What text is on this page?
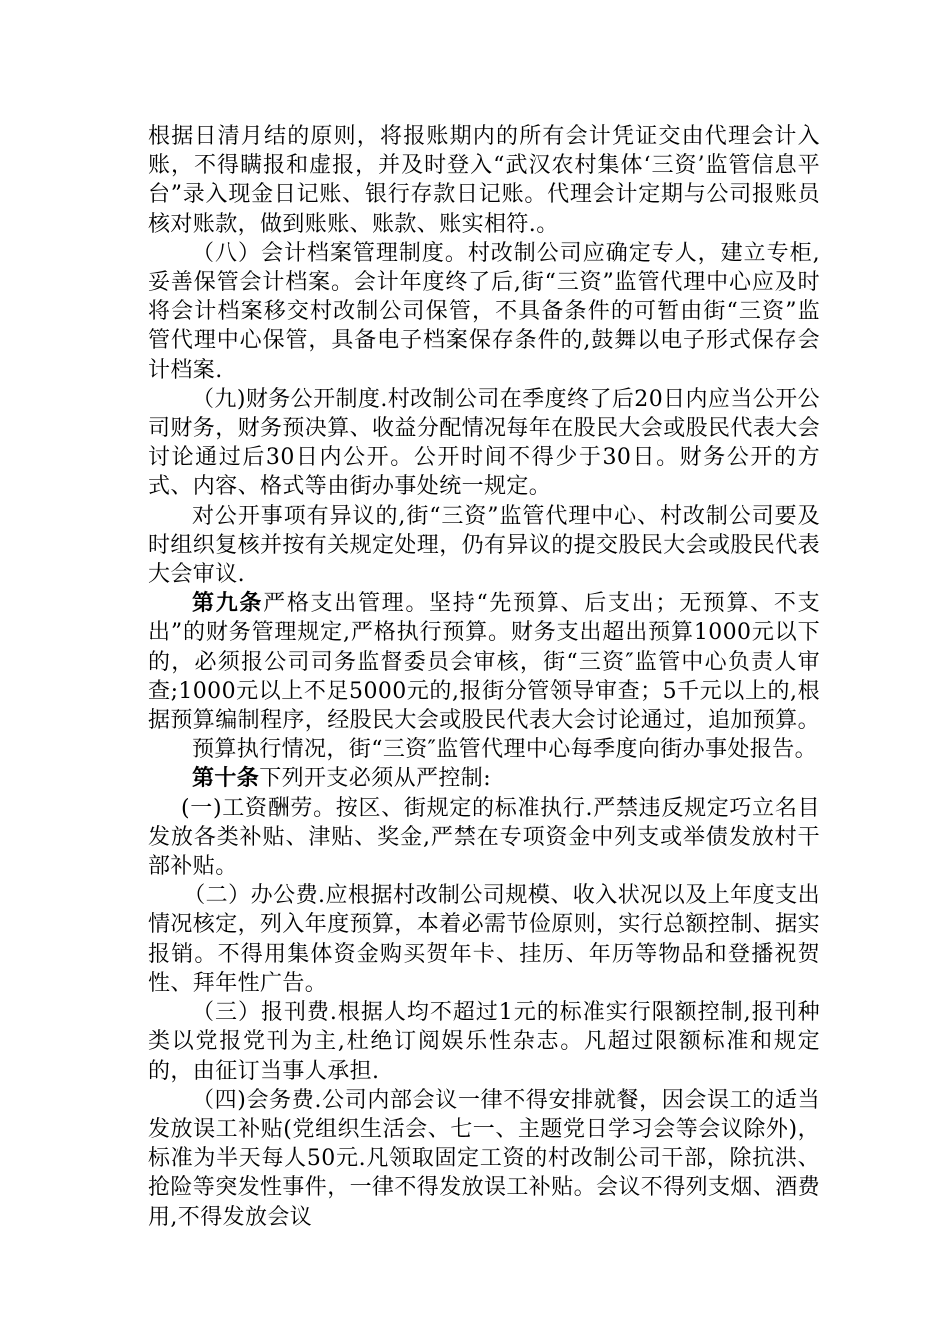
根据日清月结的原则，将报账期内的所有会计凭证交由代理会计入账，不得瞒报和虚报，并及时登入“武汉农村集体‘三资’监管信息平台”录入现金日记账、银行存款日记账。代理会计定期与公司报账员核对账款，做到账账、账款、账实相符.。

（八）会计档案管理制度。村改制公司应确定专人，建立专柜,妥善保管会计档案。会计年度终了后,街“三资”监管代理中心应及时将会计档案移交村改制公司保管，不具备条件的可暂由街“三资”监管代理中心保管，具备电子档案保存条件的,鼓舞以电子形式保存会计档案.

（九)财务公开制度.村改制公司在季度终了后20日内应当公开公司财务，财务预决算、收益分配情况每年在股民大会或股民代表大会讨论通过后30日内公开。公开时间不得少于30日。财务公开的方式、内容、格式等由街办事处统一规定。

对公开事项有异议的,街“三资”监管代理中心、村改制公司要及时组织复核并按有关规定处理，仍有异议的提交股民大会或股民代表大会审议.

第九条严格支出管理。坚持“先预算、后支出；无预算、不支出”的财务管理规定,严格执行预算。财务支出超出预算1000元以下的，必须报公司司务监督委员会审核，街“三资″监管中心负责人审查;1000元以上不足5000元的,报街分管领导审查；5千元以上的,根据预算编制程序，经股民大会或股民代表大会讨论通过，追加预算。

预算执行情况，街“三资″监管代理中心每季度向街办事处报告。

第十条下列开支必须从严控制:

(一)工资酬劳。按区、街规定的标准执行.严禁违反规定巧立名目发放各类补贴、津贴、奖金,严禁在专项资金中列支或举债发放村干部补贴。

（二）办公费.应根据村改制公司规模、收入状况以及上年度支出情况核定，列入年度预算，本着必需节俭原则，实行总额控制、据实报销。不得用集体资金购买贺年卡、挂历、年历等物品和登播祝贺性、拜年性广告。

（三）报刊费.根据人均不超过1元的标准实行限额控制,报刊种类以党报党刊为主,杜绝订阅娱乐性杂志。凡超过限额标准和规定的，由征订当事人承担.

（四)会务费.公司内部会议一律不得安排就餐，因会误工的适当发放误工补贴(党组织生活会、七一、主题党日学习会等会议除外)，标准为半天每人50元.凡领取固定工资的村改制公司干部，除抗洪、抢险等突发性事件，一律不得发放误工补贴。会议不得列支烟、酒费用,不得发放会议
